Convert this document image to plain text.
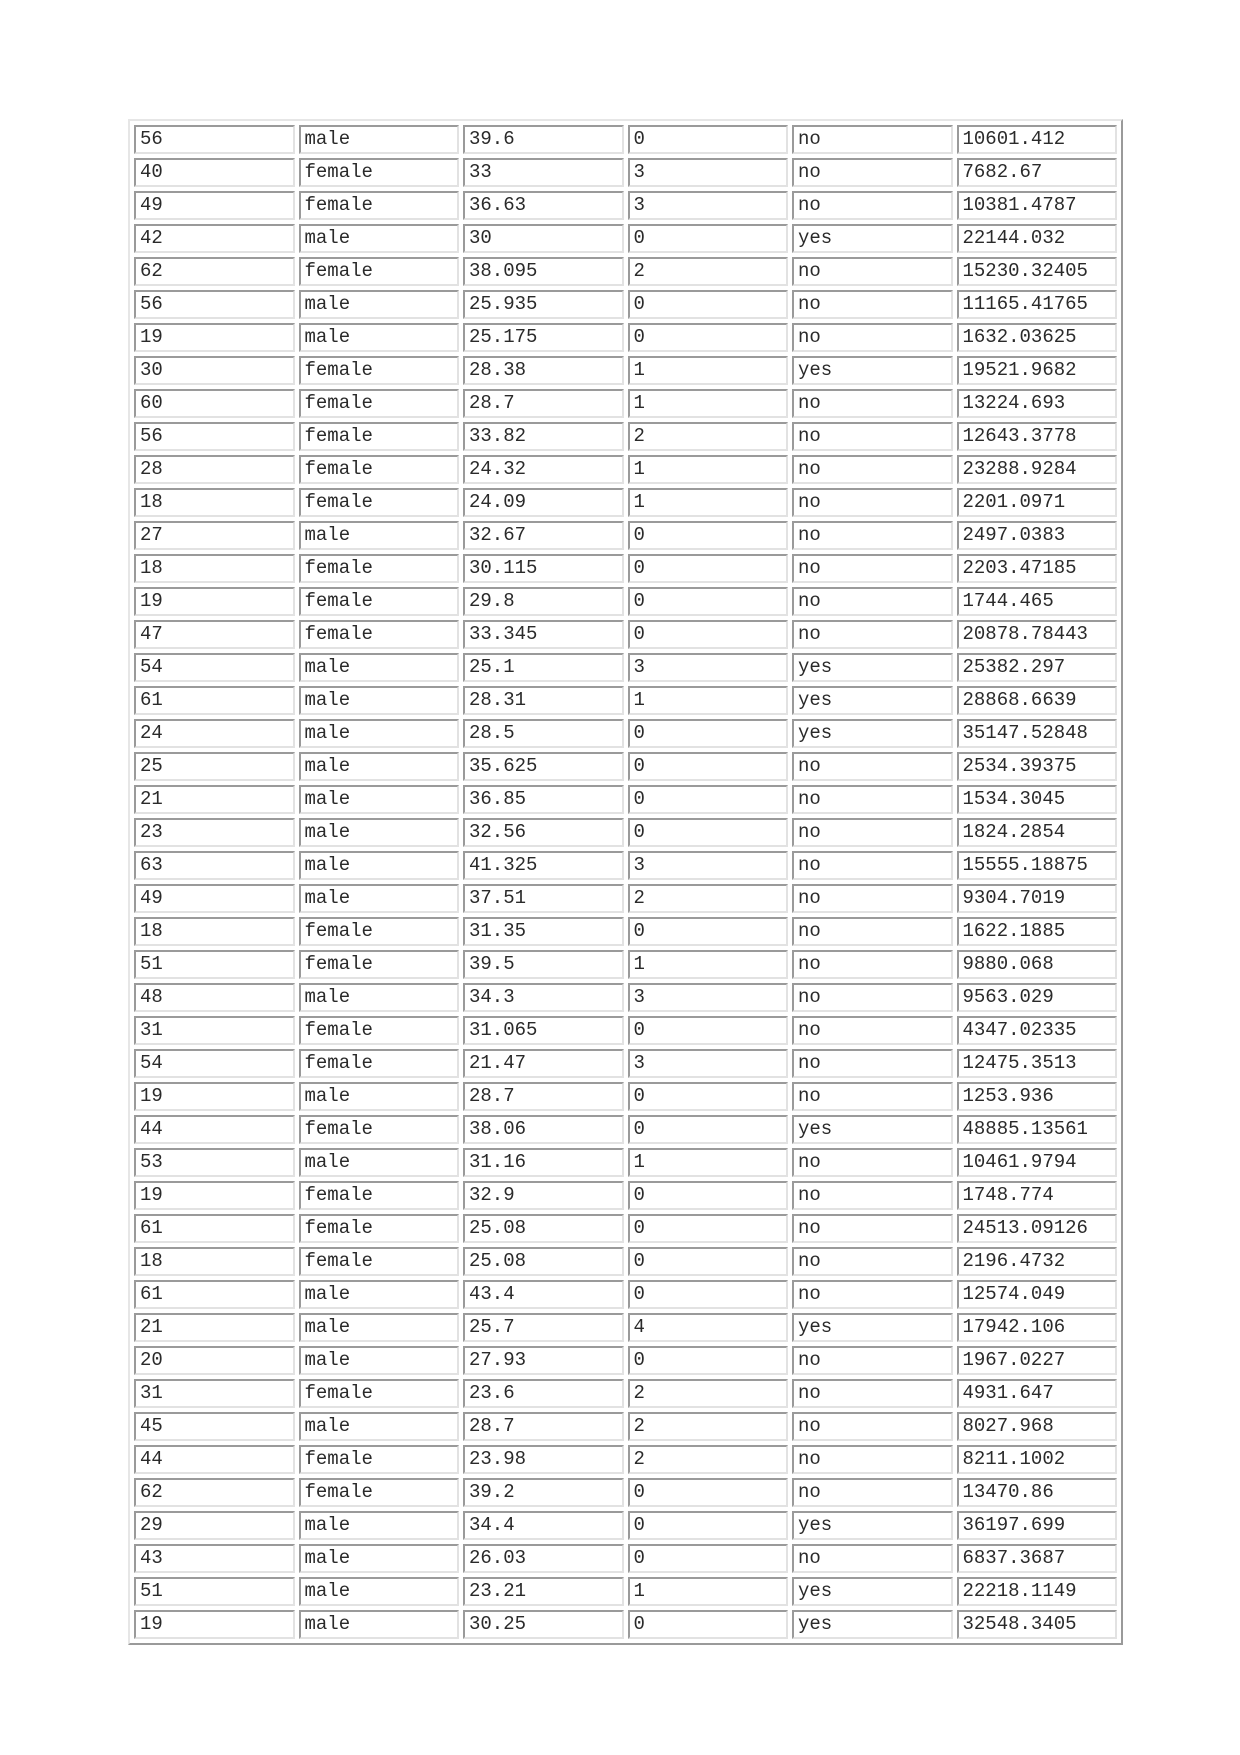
56	male	39.6	0	no	10601.412
40	female	33	3	no	7682.67
49	female	36.63	3	no	10381.4787
42	male	30	0	yes	22144.032
62	female	38.095	2	no	15230.32405
56	male	25.935	0	no	11165.41765
19	male	25.175	0	no	1632.03625
30	female	28.38	1	yes	19521.9682
60	female	28.7	1	no	13224.693
56	female	33.82	2	no	12643.3778
28	female	24.32	1	no	23288.9284
18	female	24.09	1	no	2201.0971
27	male	32.67	0	no	2497.0383
18	female	30.115	0	no	2203.47185
19	female	29.8	0	no	1744.465
47	female	33.345	0	no	20878.78443
54	male	25.1	3	yes	25382.297
61	male	28.31	1	yes	28868.6639
24	male	28.5	0	yes	35147.52848
25	male	35.625	0	no	2534.39375
21	male	36.85	0	no	1534.3045
23	male	32.56	0	no	1824.2854
63	male	41.325	3	no	15555.18875
49	male	37.51	2	no	9304.7019
18	female	31.35	0	no	1622.1885
51	female	39.5	1	no	9880.068
48	male	34.3	3	no	9563.029
31	female	31.065	0	no	4347.02335
54	female	21.47	3	no	12475.3513
19	male	28.7	0	no	1253.936
44	female	38.06	0	yes	48885.13561
53	male	31.16	1	no	10461.9794
19	female	32.9	0	no	1748.774
61	female	25.08	0	no	24513.09126
18	female	25.08	0	no	2196.4732
61	male	43.4	0	no	12574.049
21	male	25.7	4	yes	17942.106
20	male	27.93	0	no	1967.0227
31	female	23.6	2	no	4931.647
45	male	28.7	2	no	8027.968
44	female	23.98	2	no	8211.1002
62	female	39.2	0	no	13470.86
29	male	34.4	0	yes	36197.699
43	male	26.03	0	no	6837.3687
51	male	23.21	1	yes	22218.1149
19	male	30.25	0	yes	32548.3405
